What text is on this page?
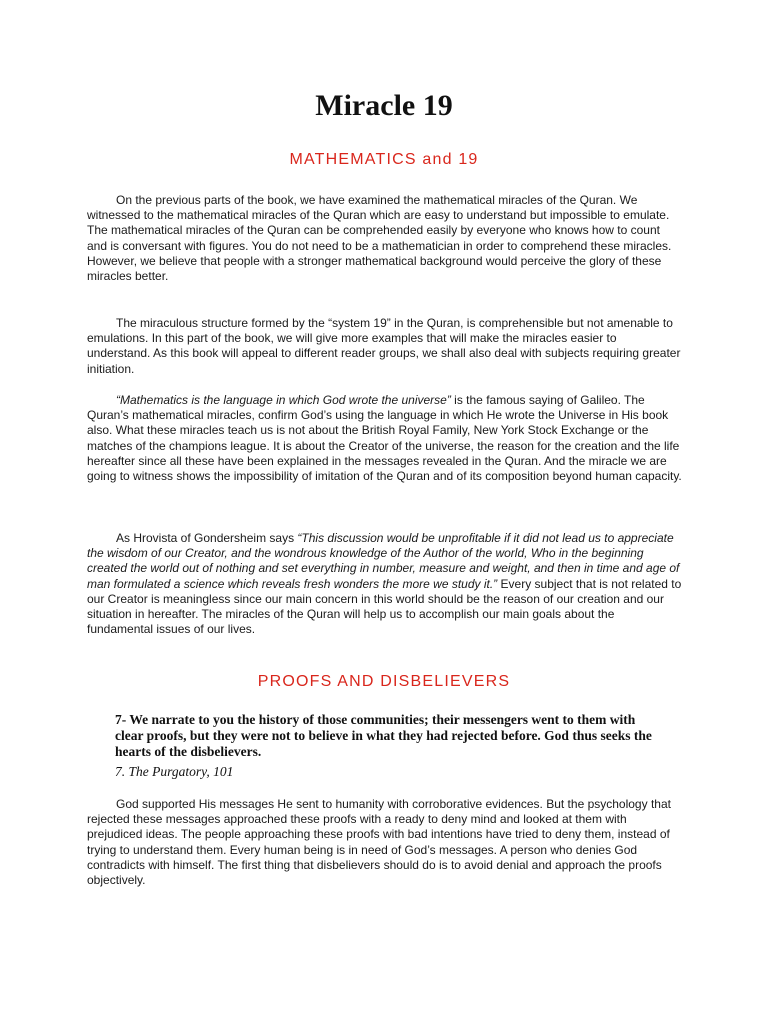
Miracle 19
MATHEMATICS and 19

On the previous parts of the book, we have examined the mathematical miracles of the Quran. We witnessed to the mathematical miracles of the Quran which are easy to understand but impossible to emulate. The mathematical miracles of the Quran can be comprehended easily by everyone who knows how to count and is conversant with figures. You do not need to be a mathematician in order to comprehend these miracles. However, we believe that people with a stronger mathematical background would perceive the glory of these miracles better.

The miraculous structure formed by the “system 19” in the Quran, is comprehensible but not amenable to emulations. In this part of the book, we will give more examples that will make the miracles easier to understand. As this book will appeal to different reader groups, we shall also deal with subjects requiring greater initiation.

“Mathematics is the language in which God wrote the universe” is the famous saying of Galileo. The Quran’s mathematical miracles, confirm God’s using the language in which He wrote the Universe in His book also. What these miracles teach us is not about the British Royal Family, New York Stock Exchange or the matches of the champions league. It is about the Creator of the universe, the reason for the creation and the life hereafter since all these have been explained in the messages revealed in the Quran. And the miracle we are going to witness shows the impossibility of imitation of the Quran and of its composition beyond human capacity.

As Hrovista of Gondersheim says “This discussion would be unprofitable if it did not lead us to appreciate the wisdom of our Creator, and the wondrous knowledge of the Author of the world, Who in the beginning created the world out of nothing and set everything in number, measure and weight, and then in time and age of man formulated a science which reveals fresh wonders the more we study it.” Every subject that is not related to our Creator is meaningless since our main concern in this world should be the reason of our creation and our situation in hereafter. The miracles of the Quran will help us to accomplish our main goals about the fundamental issues of our lives.

PROOFS AND DISBELIEVERS

7- We narrate to you the history of those communities; their messengers went to them with clear proofs, but they were not to believe in what they had rejected before. God thus seeks the hearts of the disbelievers.

7. The Purgatory, 101

God supported His messages He sent to humanity with corroborative evidences. But the psychology that rejected these messages approached these proofs with a ready to deny mind and looked at them with prejudiced ideas. The people approaching these proofs with bad intentions have tried to deny them, instead of trying to understand them. Every human being is in need of God’s messages. A person who denies God contradicts with himself. The first thing that disbelievers should do is to avoid denial and approach the proofs objectively.
